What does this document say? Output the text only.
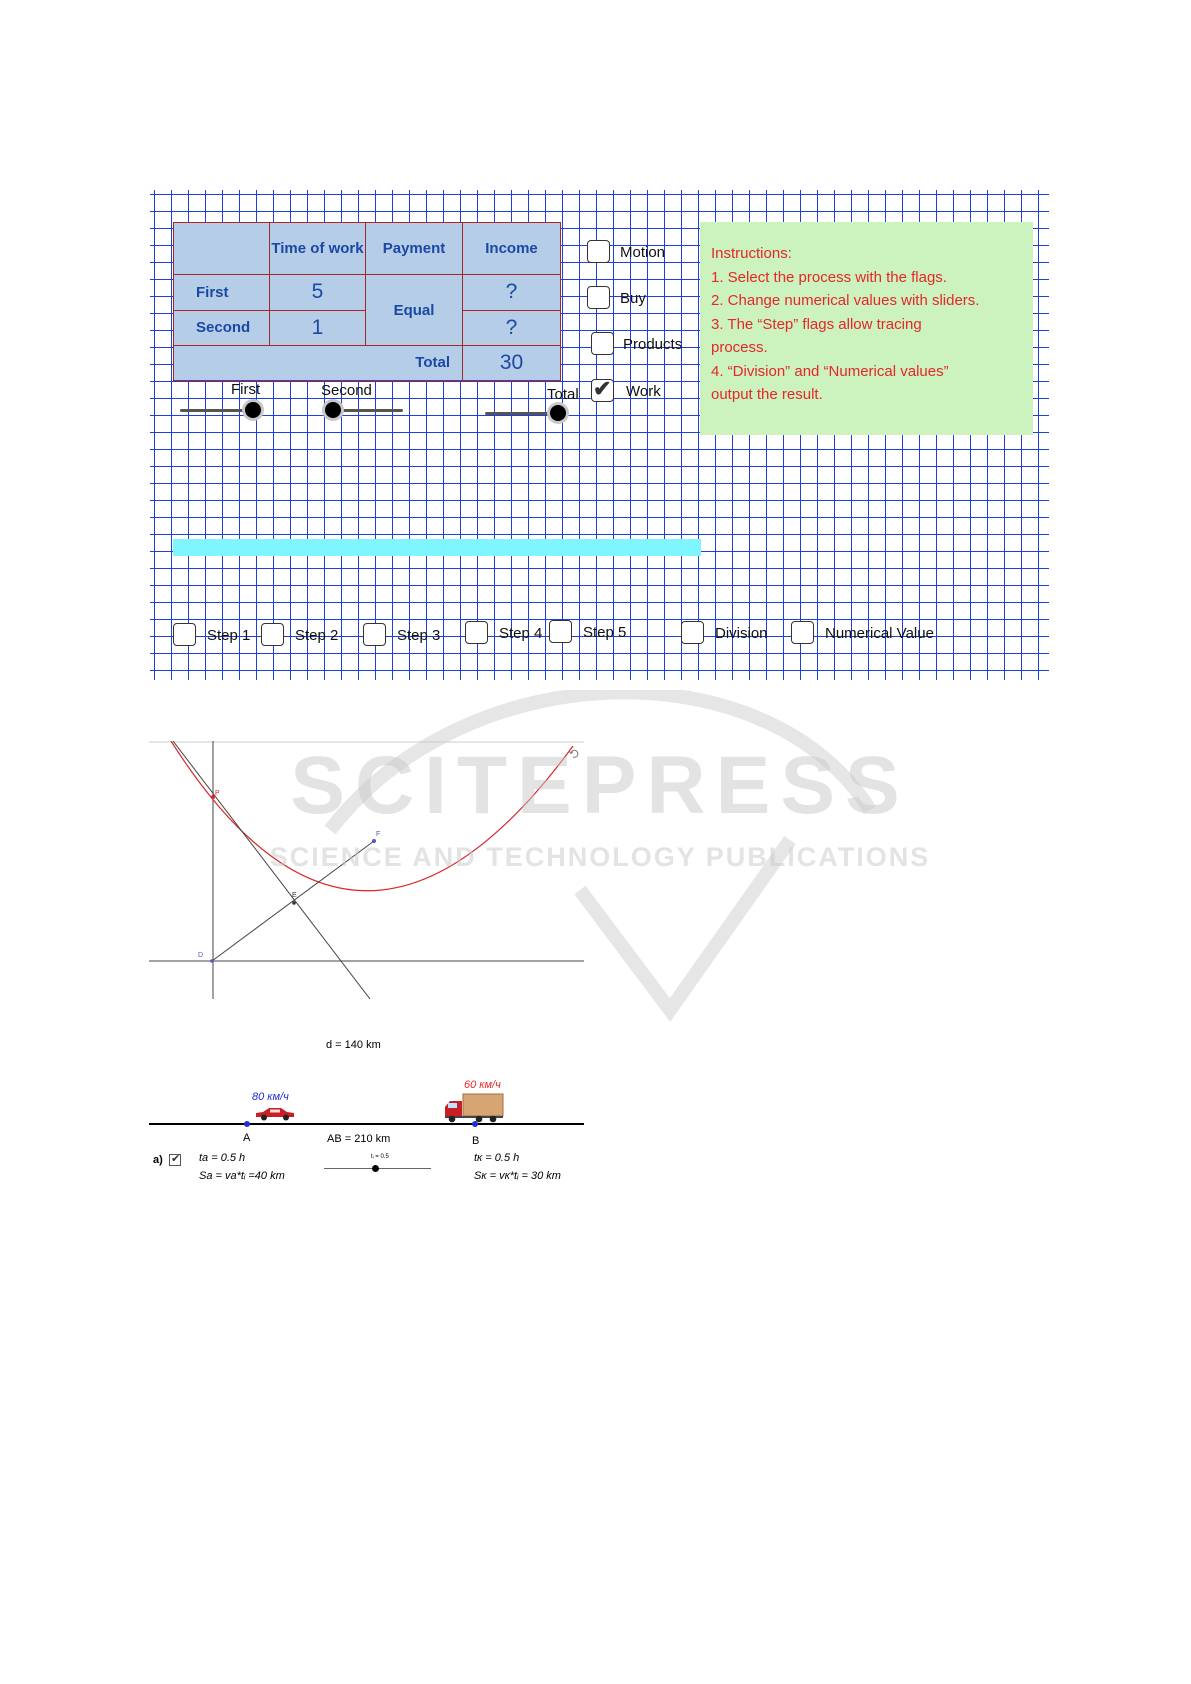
	Time of work	Payment	Income
First	5	Equal	?
Second	1		?
Total			30
First	Second	Total
Motion
Buy
Products
✔ Work
Instructions:
1. Select the process with the flags.
2. Change numerical values with sliders.
3. The “Step” flags allow tracing
process.
4. “Division” and “Numerical values”
output the result.
Step 1	Step 2	Step 3	Step 4	Step 5	Division	Numerical Value
P
F
E
D
d = 140 km
80 км/ч
60 км/ч
A	AB = 210 km	B
a) ✔ ta = 0.5 h
Sa = va*tᵢ =40 km
tᵢ = 0.5	tк = 0.5 h
Sк = vк*tᵢ = 30 km
SCITEPRESS
SCIENCE AND TECHNOLOGY PUBLICATIONS
